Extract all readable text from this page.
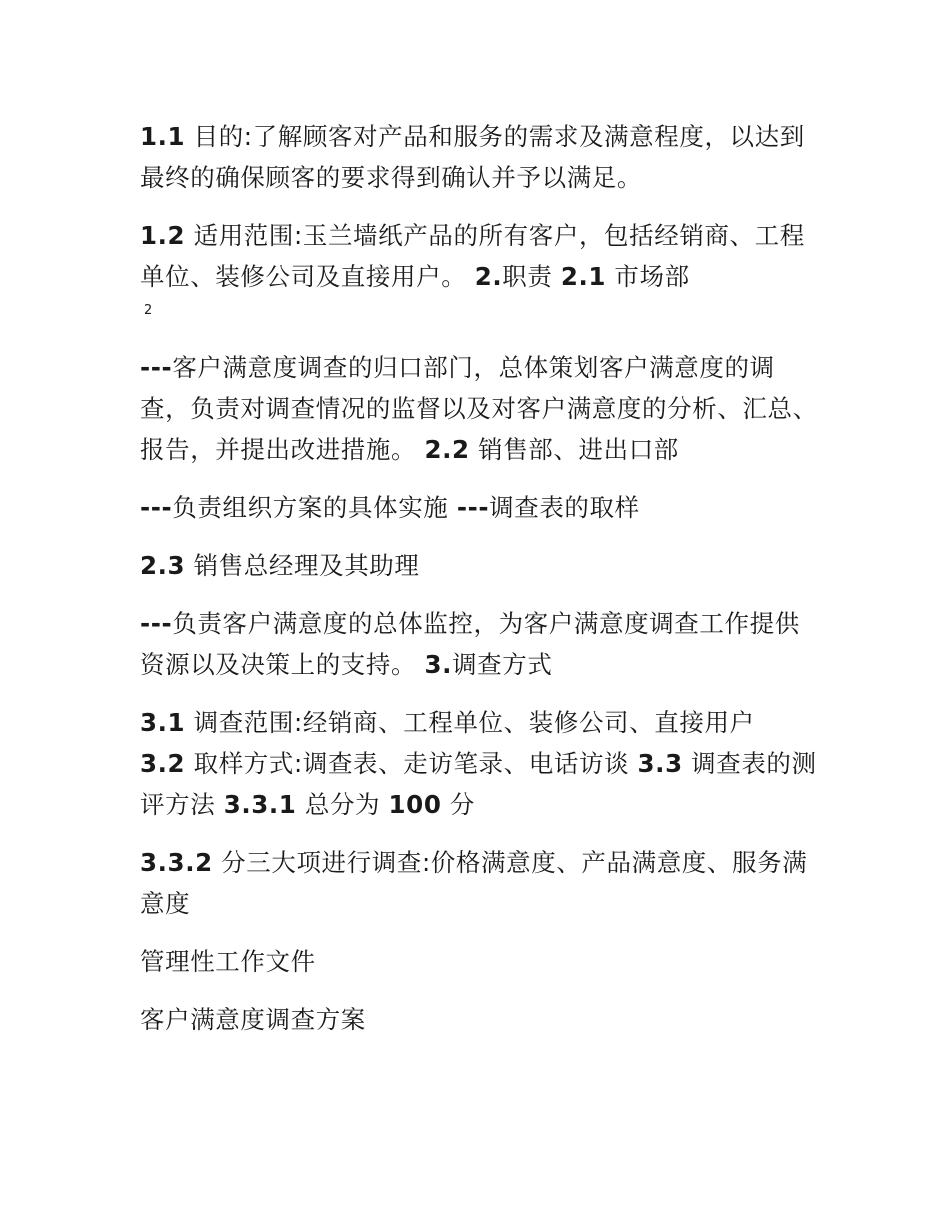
1.1 目的:了解顾客对产品和服务的需求及满意程度，以达到最终的确保顾客的要求得到确认并予以满足。

1.2 适用范围:玉兰墙纸产品的所有客户，包括经销商、工程单位、装修公司及直接用户。 2.职责 2.1 市场部

2

---客户满意度调查的归口部门，总体策划客户满意度的调查，负责对调查情况的监督以及对客户满意度的分析、汇总、报告，并提出改进措施。 2.2 销售部、进出口部

---负责组织方案的具体实施 ---调查表的取样

2.3 销售总经理及其助理

---负责客户满意度的总体监控，为客户满意度调查工作提供资源以及决策上的支持。 3.调查方式

3.1 调查范围:经销商、工程单位、装修公司、直接用户

3.2 取样方式:调查表、走访笔录、电话访谈 3.3 调查表的测评方法 3.3.1 总分为 100 分

3.3.2 分三大项进行调查:价格满意度、产品满意度、服务满意度

管理性工作文件

客户满意度调查方案
